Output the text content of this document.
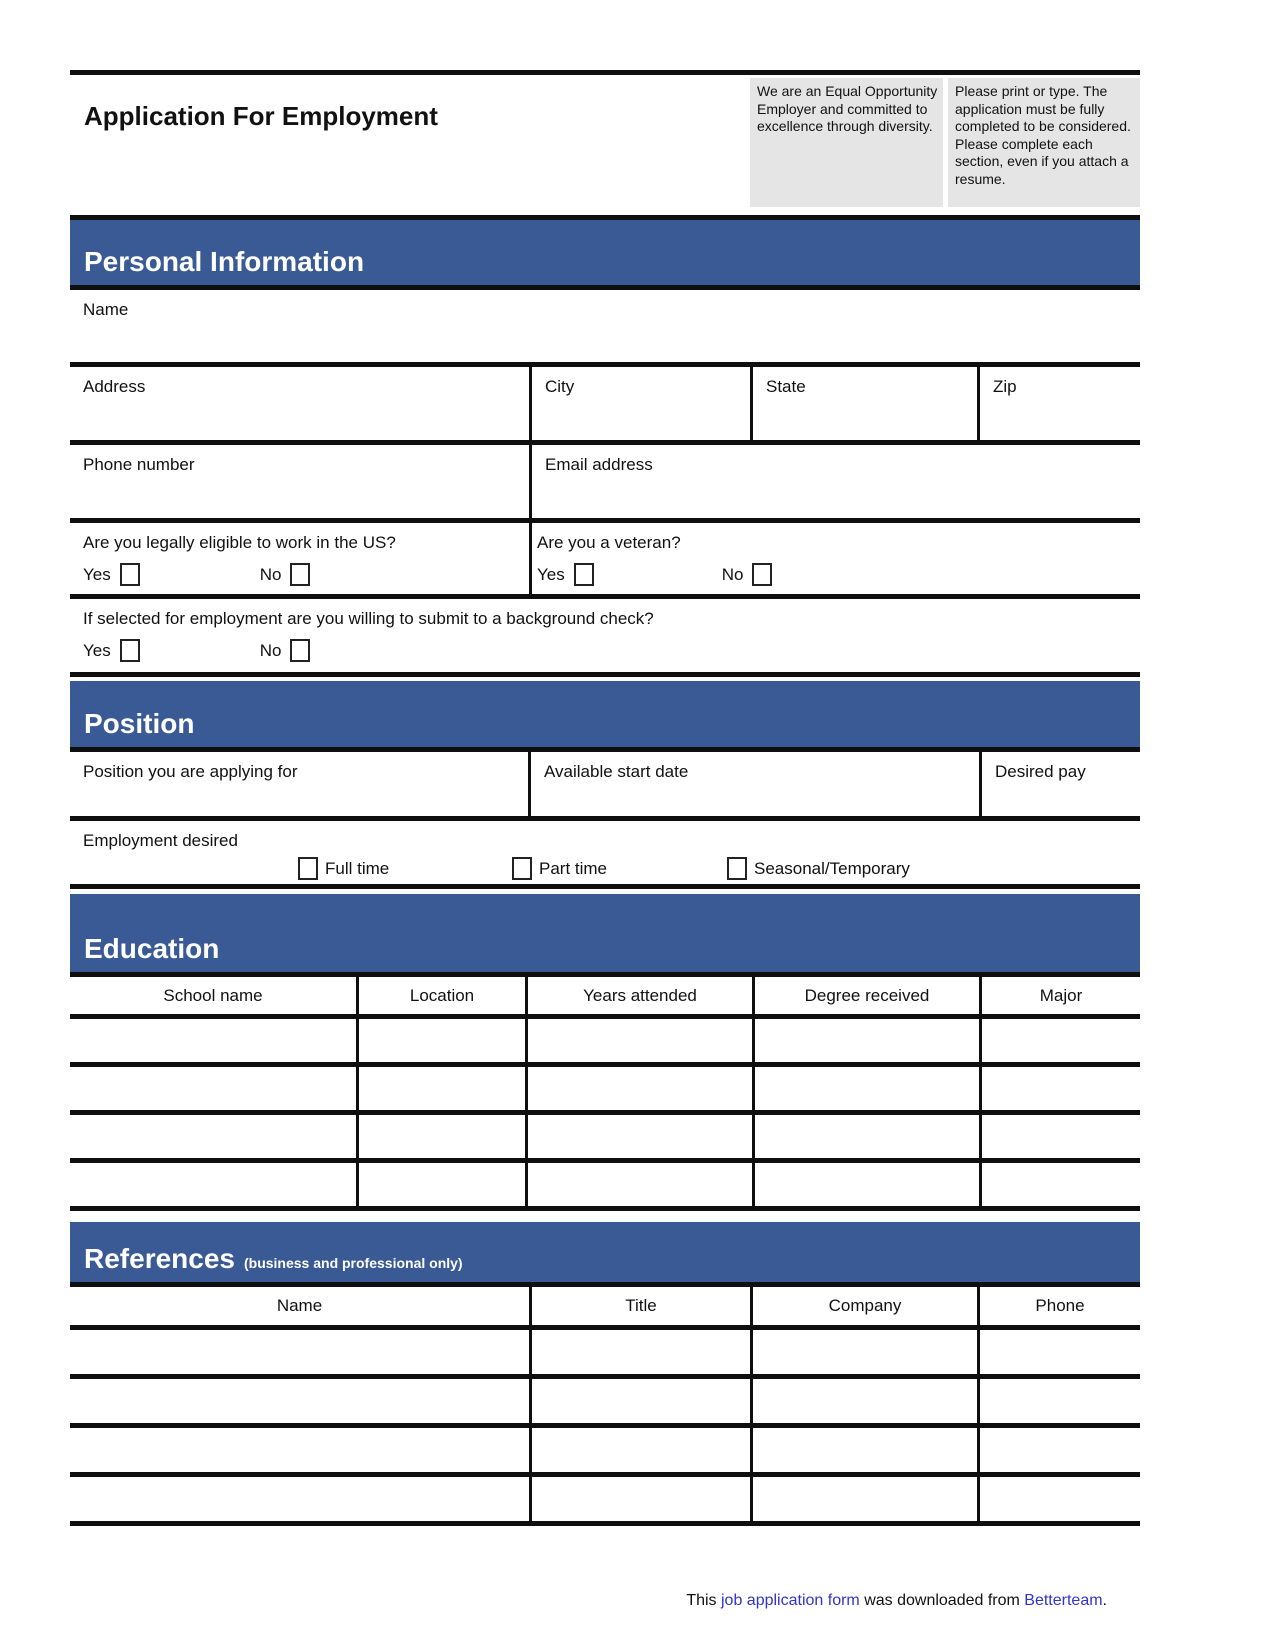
Application For Employment
We are an Equal Opportunity Employer and committed to excellence through diversity.
Please print or type. The application must be fully completed to be considered. Please complete each section, even if you attach a resume.
Personal Information
Name
Address	City	State	Zip
Phone number	Email address
Are you legally eligible to work in the US?
Yes	No
Are you a veteran?
Yes	No
If selected for employment are you willing to submit to a background check?
Yes	No
Position
Position you are applying for	Available start date	Desired pay
Employment desired
Full time	Part time	Seasonal/Temporary
Education
School name	Location	Years attended	Degree received	Major
References (business and professional only)
Name	Title	Company	Phone
This job application form was downloaded from Betterteam.
